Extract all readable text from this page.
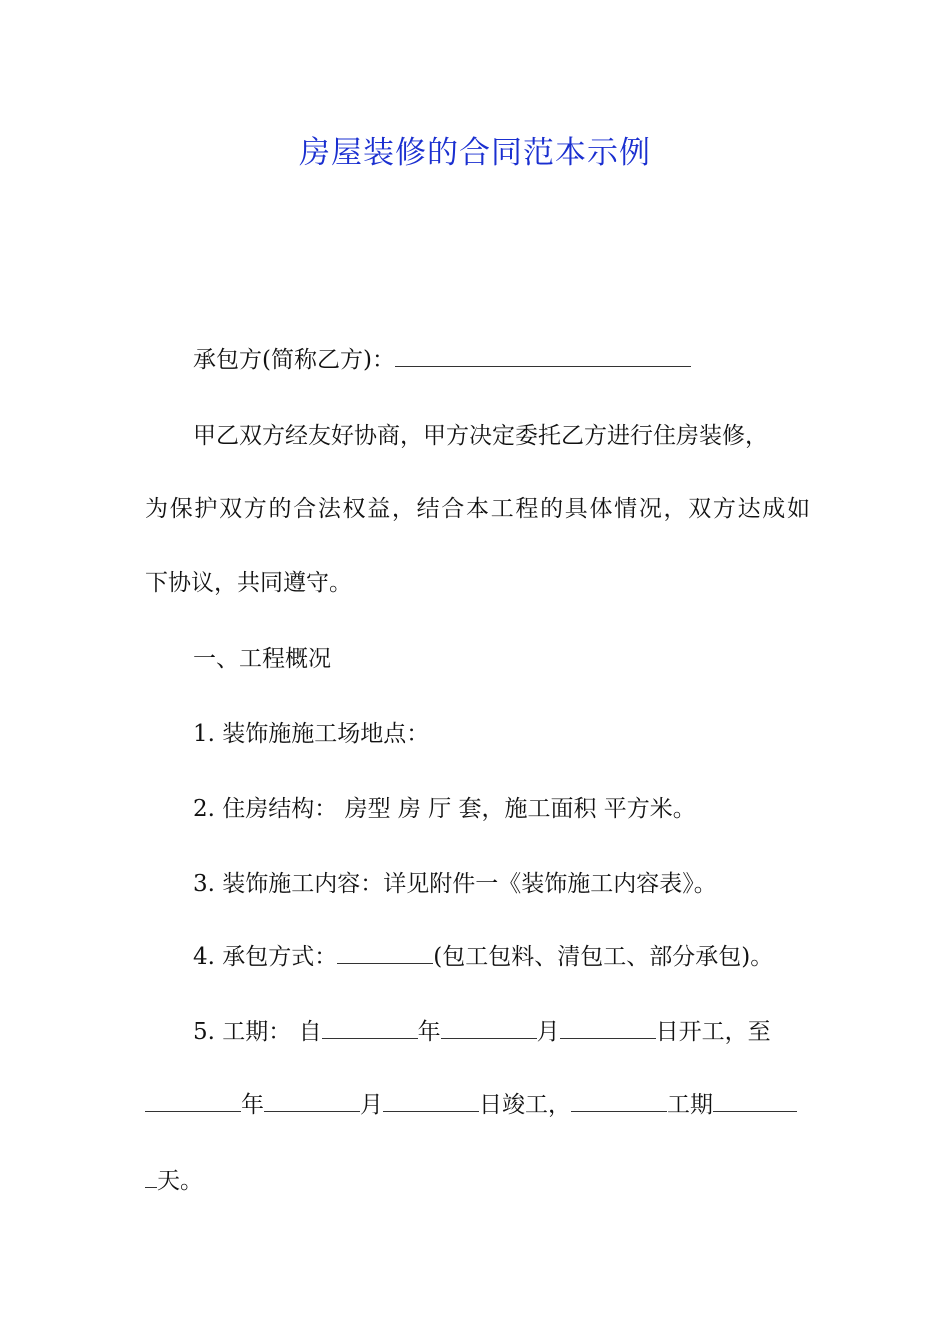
房屋装修的合同范本示例
承包方(简称乙方)：
甲乙双方经友好协商，甲方决定委托乙方进行住房装修，
为保护双方的合法权益，结合本工程的具体情况，双方达成如
下协议，共同遵守。
一、工程概况
1. 装饰施施工场地点：
2. 住房结构： 房型 房 厅 套，施工面积 平方米。
3. 装饰施工内容：详见附件一《装饰施工内容表》。
4. 承包方式：	(包工包料、清包工、部分承包)。
5. 工期： 自	年	月	日开工，至
年	月	日竣工，	工期
天。
